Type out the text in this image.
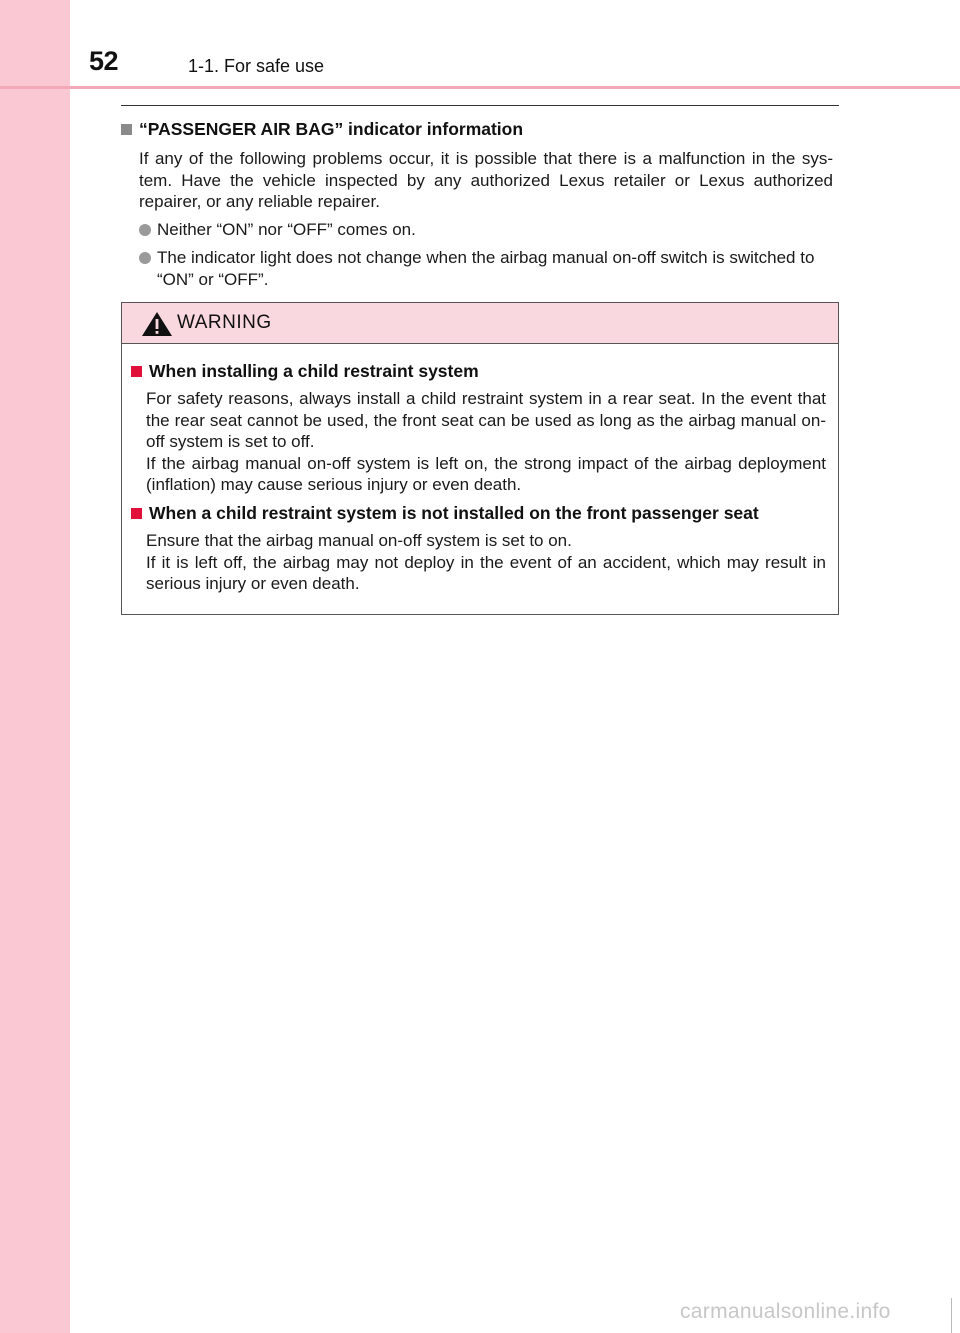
52	1-1. For safe use
“PASSENGER AIR BAG” indicator information
If any of the following problems occur, it is possible that there is a malfunction in the sys-tem. Have the vehicle inspected by any authorized Lexus retailer or Lexus authorized repairer, or any reliable repairer.
Neither “ON” nor “OFF” comes on.
The indicator light does not change when the airbag manual on-off switch is switched to “ON” or “OFF”.
WARNING
When installing a child restraint system
For safety reasons, always install a child restraint system in a rear seat. In the event that the rear seat cannot be used, the front seat can be used as long as the airbag manual on-off system is set to off.
If the airbag manual on-off system is left on, the strong impact of the airbag deployment (inflation) may cause serious injury or even death.
When a child restraint system is not installed on the front passenger seat
Ensure that the airbag manual on-off system is set to on.
If it is left off, the airbag may not deploy in the event of an accident, which may result in serious injury or even death.
carmanualsonline.info
